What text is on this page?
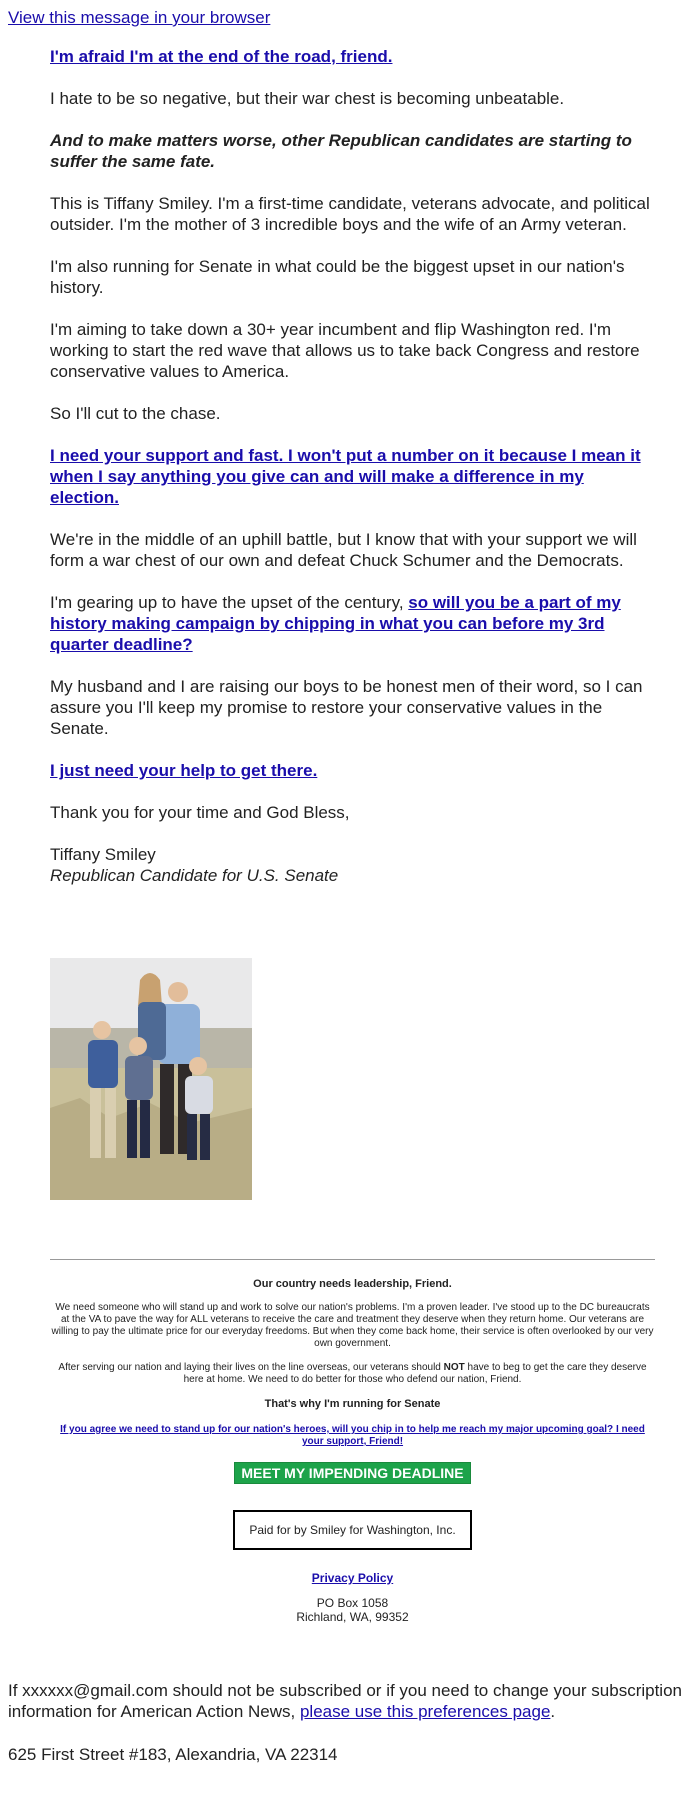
View this message in your browser

I'm afraid I'm at the end of the road, friend.

I hate to be so negative, but their war chest is becoming unbeatable.

And to make matters worse, other Republican candidates are starting to suffer the same fate.

This is Tiffany Smiley. I'm a first-time candidate, veterans advocate, and political outsider. I'm the mother of 3 incredible boys and the wife of an Army veteran.

I'm also running for Senate in what could be the biggest upset in our nation's history.

I'm aiming to take down a 30+ year incumbent and flip Washington red. I'm working to start the red wave that allows us to take back Congress and restore conservative values to America.

So I'll cut to the chase.

I need your support and fast. I won't put a number on it because I mean it when I say anything you give can and will make a difference in my election.

We're in the middle of an uphill battle, but I know that with your support we will form a war chest of our own and defeat Chuck Schumer and the Democrats.

I'm gearing up to have the upset of the century, so will you be a part of my history making campaign by chipping in what you can before my 3rd quarter deadline?

My husband and I are raising our boys to be honest men of their word, so I can assure you I'll keep my promise to restore your conservative values in the Senate.

I just need your help to get there.

Thank you for your time and God Bless,

Tiffany Smiley
Republican Candidate for U.S. Senate

Our country needs leadership, Friend.

We need someone who will stand up and work to solve our nation's problems. I'm a proven leader. I've stood up to the DC bureaucrats at the VA to pave the way for ALL veterans to receive the care and treatment they deserve when they return home. Our veterans are willing to pay the ultimate price for our everyday freedoms. But when they come back home, their service is often overlooked by our very own government.

After serving our nation and laying their lives on the line overseas, our veterans should NOT have to beg to get the care they deserve here at home. We need to do better for those who defend our nation, Friend.

That's why I'm running for Senate

If you agree we need to stand up for our nation's heroes, will you chip in to help me reach my major upcoming goal? I need your support, Friend!

MEET MY IMPENDING DEADLINE
Paid for by Smiley for Washington, Inc.
Privacy Policy
PO Box 1058
Richland, WA, 99352
If xxxxxx@gmail.com should not be subscribed or if you need to change your subscription information for American Action News, please use this preferences page.
625 First Street #183, Alexandria, VA 22314
